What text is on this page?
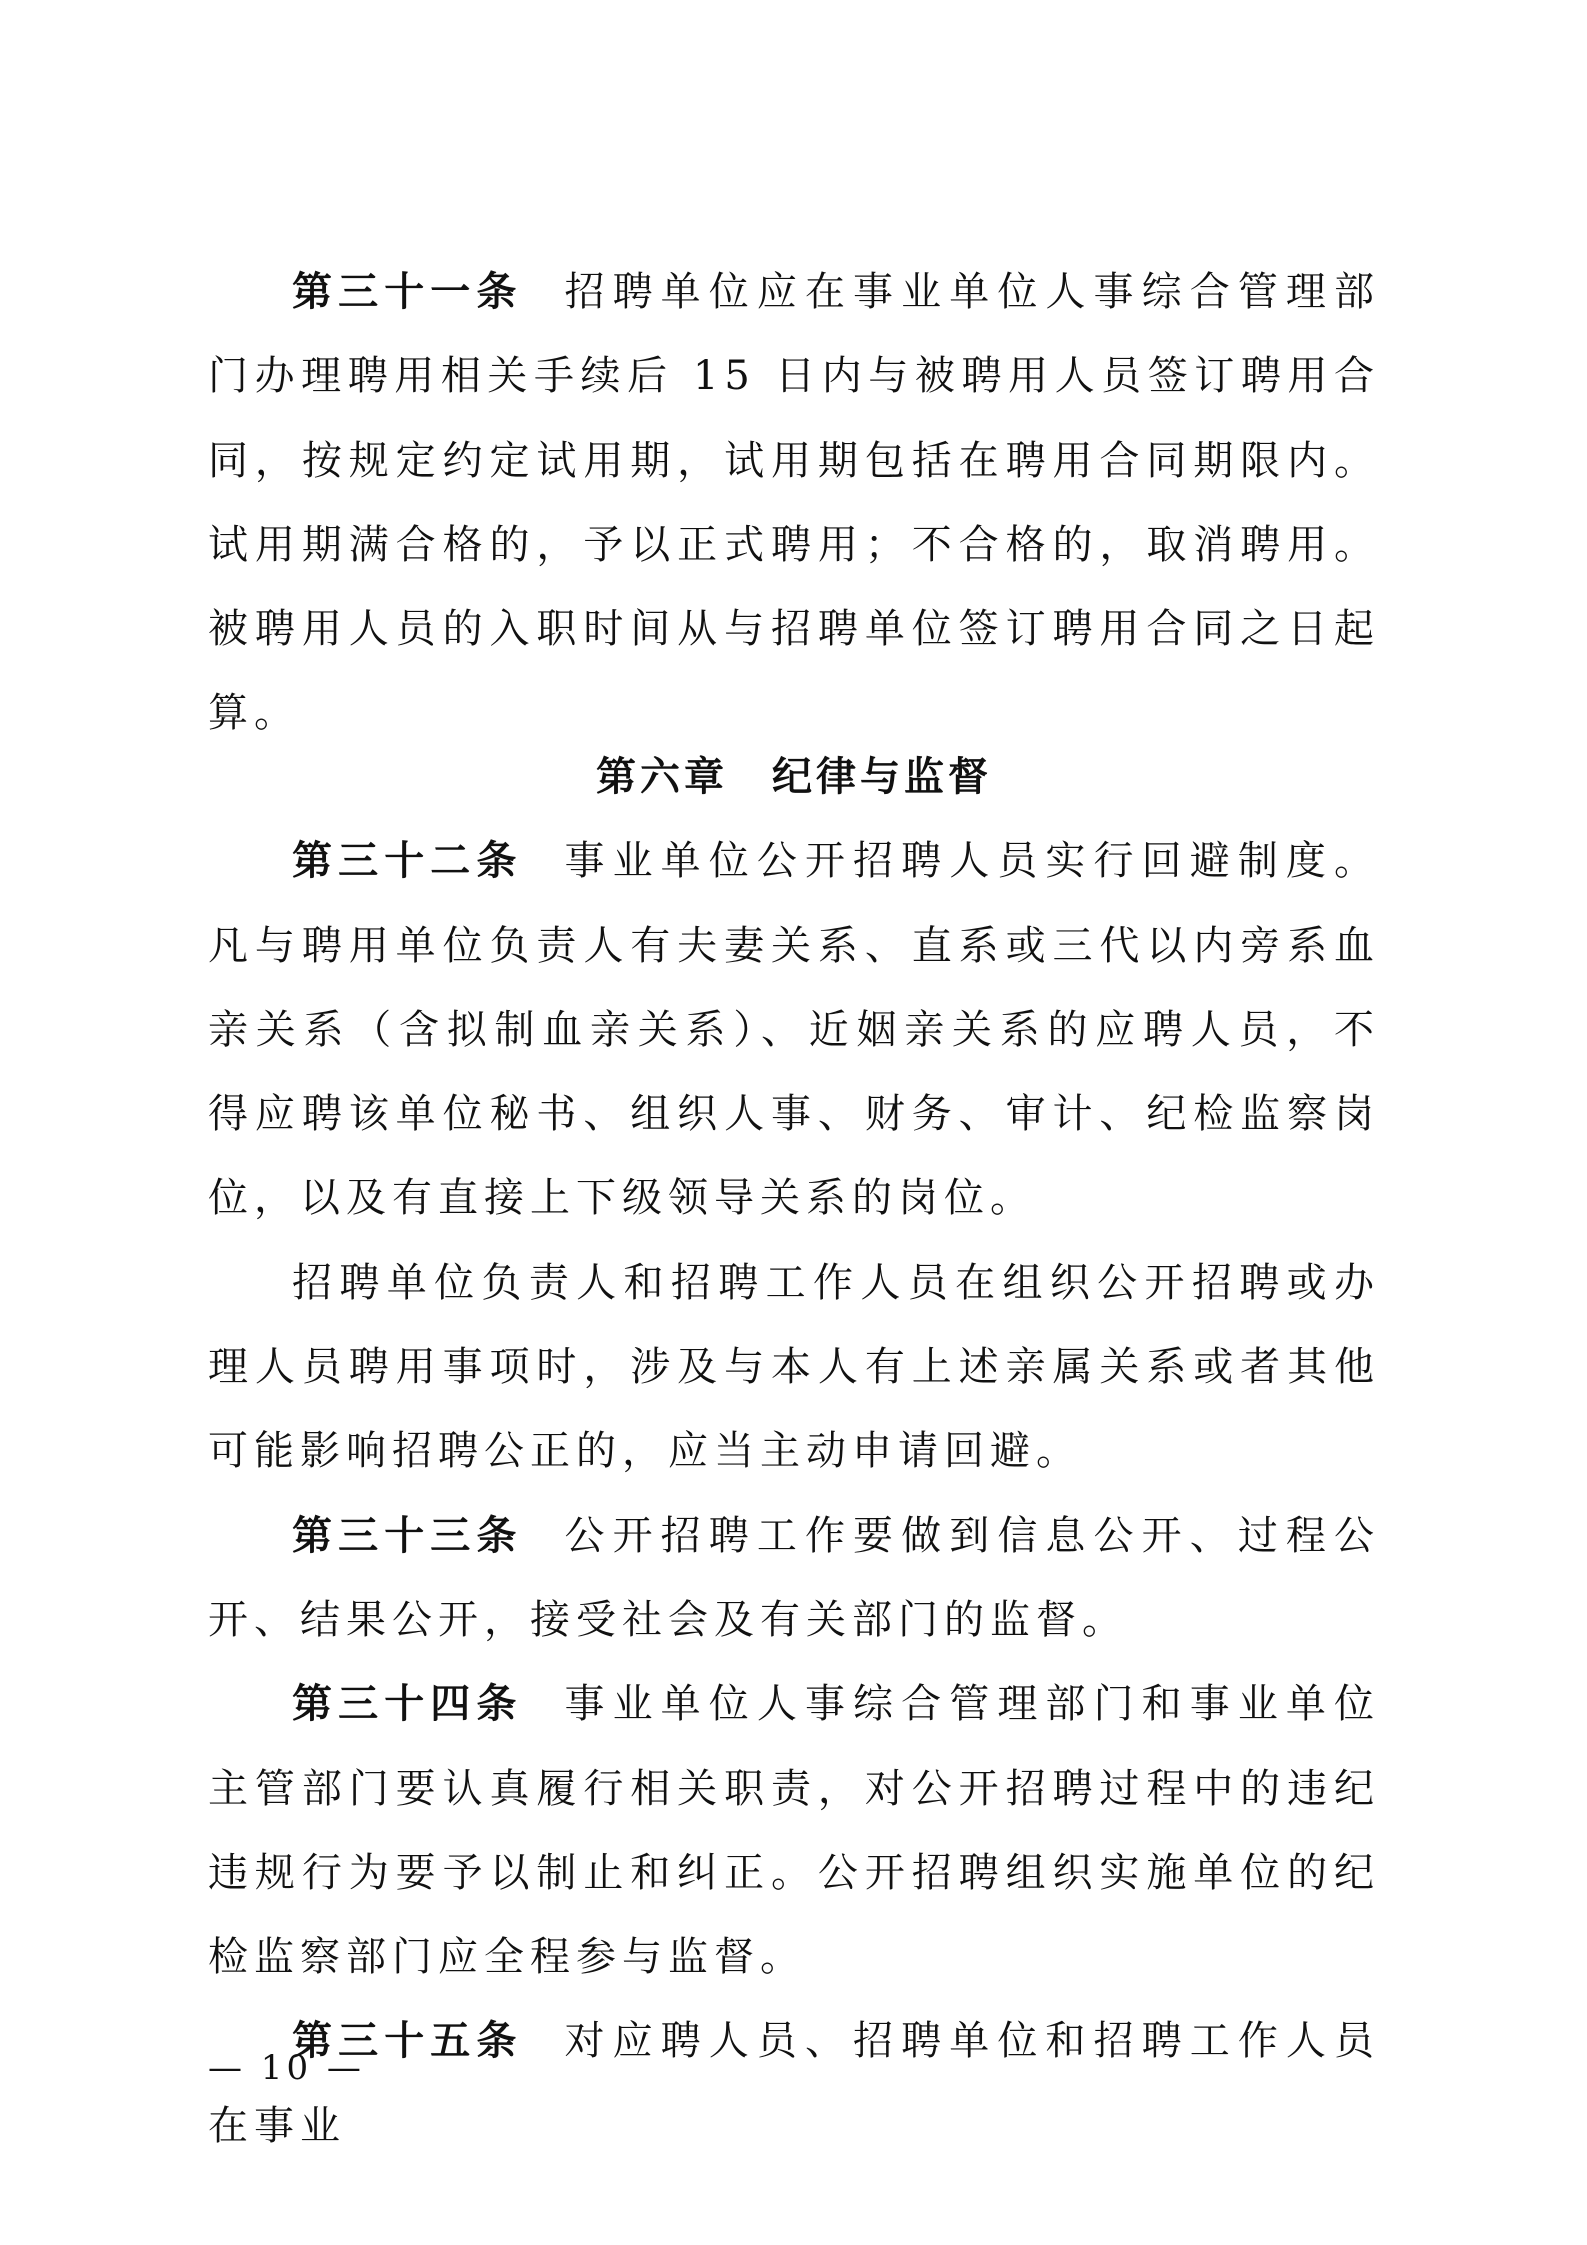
第三十一条 招聘单位应在事业单位人事综合管理部门办理聘用相关手续后 15 日内与被聘用人员签订聘用合同，按规定约定试用期，试用期包括在聘用合同期限内。试用期满合格的，予以正式聘用；不合格的，取消聘用。被聘用人员的入职时间从与招聘单位签订聘用合同之日起算。

第六章 纪律与监督

第三十二条 事业单位公开招聘人员实行回避制度。凡与聘用单位负责人有夫妻关系、直系或三代以内旁系血亲关系（含拟制血亲关系）、近姻亲关系的应聘人员，不得应聘该单位秘书、组织人事、财务、审计、纪检监察岗位，以及有直接上下级领导关系的岗位。

招聘单位负责人和招聘工作人员在组织公开招聘或办理人员聘用事项时，涉及与本人有上述亲属关系或者其他可能影响招聘公正的，应当主动申请回避。

第三十三条 公开招聘工作要做到信息公开、过程公开、结果公开，接受社会及有关部门的监督。

第三十四条 事业单位人事综合管理部门和事业单位主管部门要认真履行相关职责，对公开招聘过程中的违纪违规行为要予以制止和纠正。公开招聘组织实施单位的纪检监察部门应全程参与监督。

第三十五条 对应聘人员、招聘单位和招聘工作人员在事业

— 10 —
